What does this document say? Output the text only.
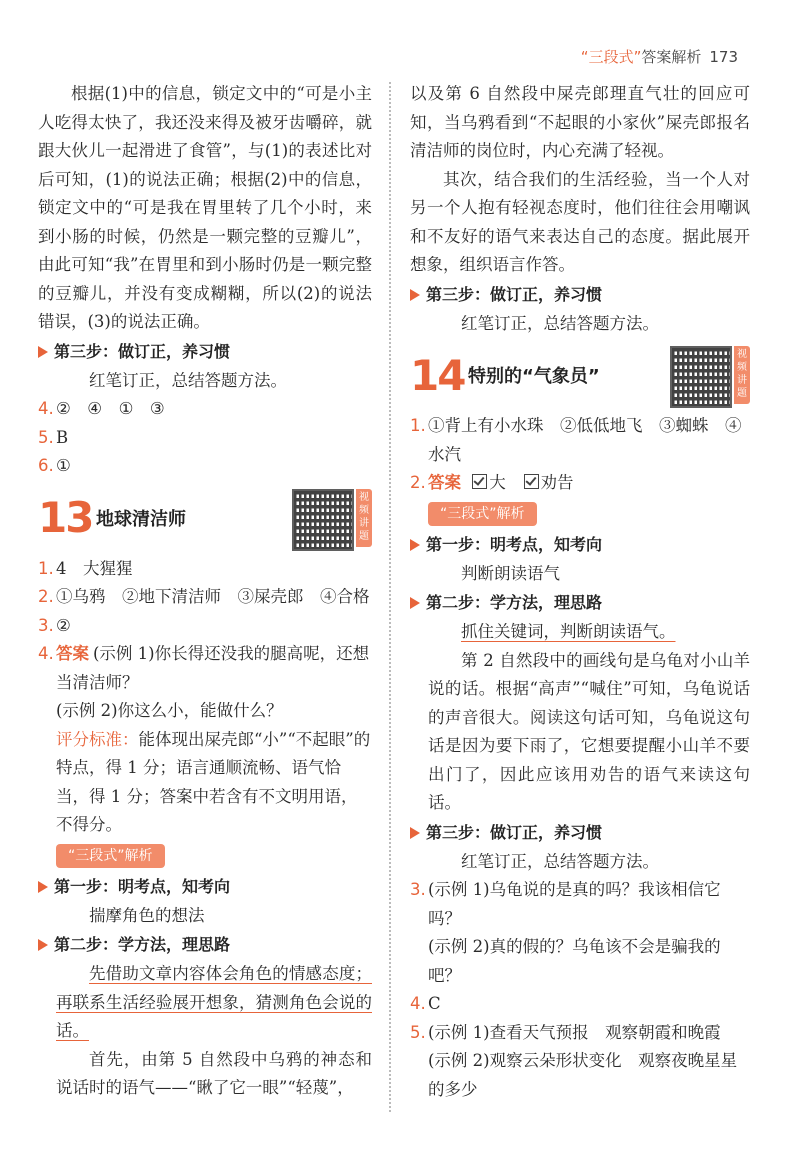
“三段式”答案解析 173

根据(1)中的信息，锁定文中的“可是小主人吃得太快了，我还没来得及被牙齿嚼碎，就跟大伙儿一起滑进了食管”，与(1)的表述比对后可知，(1)的说法正确；根据(2)中的信息，锁定文中的“可是我在胃里转了几个小时，来到小肠的时候，仍然是一颗完整的豆瓣儿”，由此可知“我”在胃里和到小肠时仍是一颗完整的豆瓣儿，并没有变成糊糊，所以(2)的说法错误，(3)的说法正确。

第三步：做订正，养习惯

红笔订正，总结答题方法。

4. ②　④　①　③
5. B
6. ①
13 地球清洁师
视频讲题
1. 4　大猩猩
2. ①乌鸦　②地下清洁师　③屎壳郎　④合格
3. ②
4. 答案 (示例 1)你长得还没我的腿高呢，还想当清洁师？
(示例 2)你这么小，能做什么？
评分标准：能体现出屎壳郎“小”“不起眼”的特点，得 1 分；语言通顺流畅、语气恰当，得 1 分；答案中若含有不文明用语，不得分。
“三段式”解析
第一步：明考点，知考向

揣摩角色的想法

第二步：学方法，理思路

先借助文章内容体会角色的情感态度；再联系生活经验展开想象，猜测角色会说的话。

首先，由第 5 自然段中乌鸦的神态和说话时的语气——“瞅了它一眼”“轻蔑”，

以及第 6 自然段中屎壳郎理直气壮的回应可知，当乌鸦看到“不起眼的小家伙”屎壳郎报名清洁师的岗位时，内心充满了轻视。

其次，结合我们的生活经验，当一个人对另一个人抱有轻视态度时，他们往往会用嘲讽和不友好的语气来表达自己的态度。据此展开想象，组织语言作答。

第三步：做订正，养习惯

红笔订正，总结答题方法。

14 特别的“气象员”
视频讲题
1. ①背上有小水珠　②低低地飞　③蜘蛛　④水汽
2. 答案 大 劝告
“三段式”解析
第一步：明考点，知考向

判断朗读语气

第二步：学方法，理思路

抓住关键词，判断朗读语气。

第 2 自然段中的画线句是乌龟对小山羊说的话。根据“高声”“喊住”可知，乌龟说话的声音很大。阅读这句话可知，乌龟说这句话是因为要下雨了，它想要提醒小山羊不要出门了，因此应该用劝告的语气来读这句话。

第三步：做订正，养习惯

红笔订正，总结答题方法。

3. (示例 1)乌龟说的是真的吗？我该相信它吗？
(示例 2)真的假的？乌龟该不会是骗我的吧？
4. C
5. (示例 1)查看天气预报　观察朝霞和晚霞
(示例 2)观察云朵形状变化　观察夜晚星星的多少
